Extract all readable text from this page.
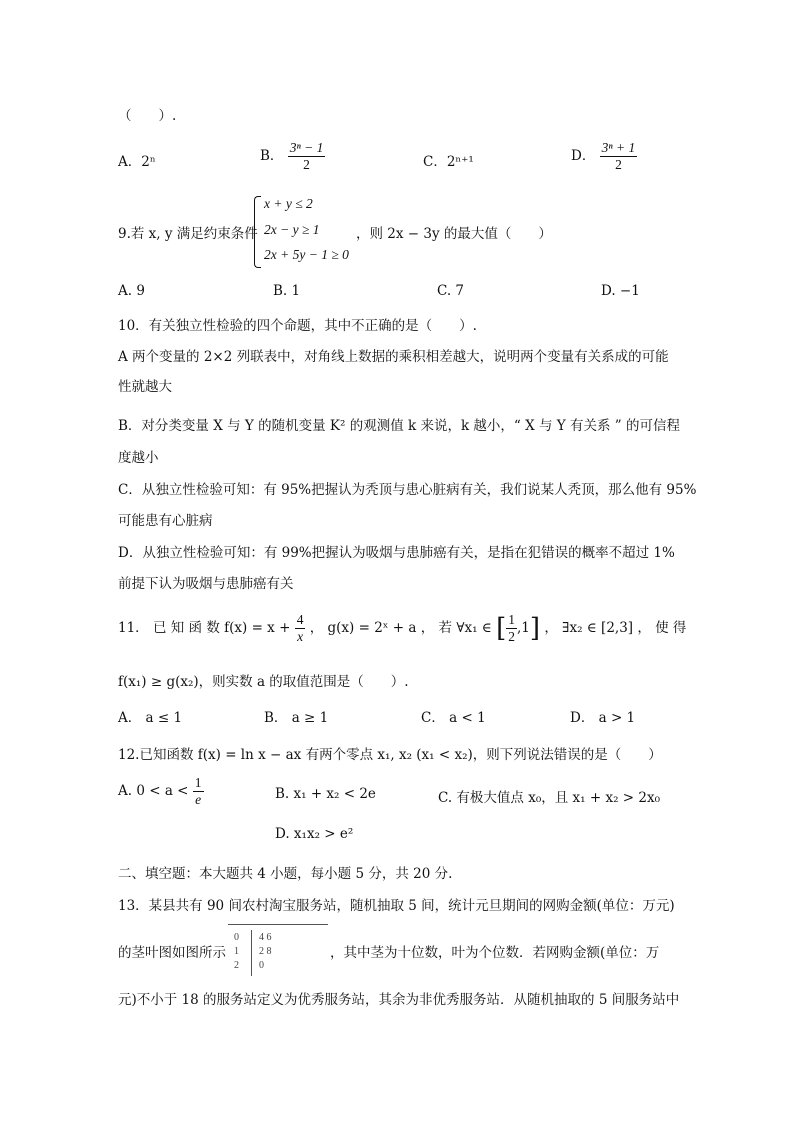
（　　）.
A．2ⁿ	B． $\frac{\text{3ⁿ − 1}}{2}$	C．2ⁿ⁺¹	D． $\frac{\text{3ⁿ + 1}}{2}$
9.若 x, y 满足约束条件
x + y ≤ 2
2x − y ≥ 1
2x + 5y − 1 ≥ 0
，则 2x − 3y 的最大值（　　）
A. 9	B. 1	C. 7	D. −1
10．有关独立性检验的四个命题，其中不正确的是（　　）.
A 两个变量的 2×2 列联表中，对角线上数据的乘积相差越大，说明两个变量有关系成的可能
性就越大
B．对分类变量 X 与 Y 的随机变量 K² 的观测值 k 来说，k 越小，“ X 与 Y 有关系 ” 的可信程
度越小
C．从独立性检验可知：有 95%把握认为秃顶与患心脏病有关，我们说某人秃顶，那么他有 95%
可能患有心脏病
D．从独立性检验可知：有 99%把握认为吸烟与患肺癌有关，是指在犯错误的概率不超过 1%
前提下认为吸烟与患肺癌有关
11． 已 知 函 数 $f(x) = x + \frac{4}{x}$ ， g(x) = 2ˣ + a ， 若 ∀x₁ ∈ [ $\frac{1}{2} ,1$] ， ∃x₂ ∈ [2,3] ， 使 得
f(x₁) ≥ g(x₂)，则实数 a 的取值范围是（　　）.
A． a ≤ 1	B． a ≥ 1	C． a < 1	D． a > 1
12.已知函数 f(x) = ln x − ax 有两个零点 x₁, x₂ (x₁ < x₂)，则下列说法错误的是（　　）
A. $0 < a < \frac{1}{e}$	B. x₁ + x₂ < 2e	C. 有极大值点 x₀，且 x₁ + x₂ > 2x₀
D. x₁x₂ > e²
二、填空题：本大题共 4 小题，每小题 5 分，共 20 分.
13．某县共有 90 间农村淘宝服务站，随机抽取 5 间，统计元旦期间的网购金额(单位：万元)
的茎叶图如图所示
0 4 6
1 2 8
2 0
，其中茎为十位数，叶为个位数．若网购金额(单位：万
元)不小于 18 的服务站定义为优秀服务站，其余为非优秀服务站．从随机抽取的 5 间服务站中
